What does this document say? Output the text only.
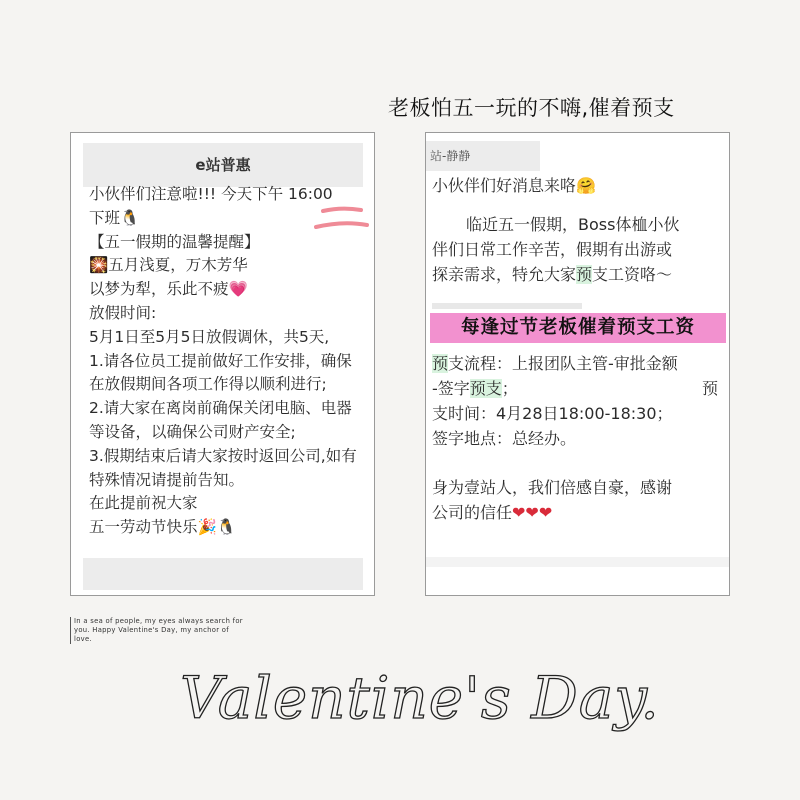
老板怕五一玩的不嗨,催着预支
e站普惠
小伙伴们注意啦!!! 今天下午 16:00
下班🐧
【五一假期的温馨提醒】
🎇五月浅夏，万木芳华
以梦为犁，乐此不疲💗
放假时间:
5月1日至5月5日放假调休，共5天,
1.请各位员工提前做好工作安排，确保在放假期间各项工作得以顺利进行;
2.请大家在离岗前确保关闭电脑、电器等设备，以确保公司财产安全;
3.假期结束后请大家按时返回公司,如有特殊情况请提前告知。
在此提前祝大家
五一劳动节快乐🎉🐧
站-静静
小伙伴们好消息来咯🤗
临近五一假期，Boss体桖小伙
伴们日常工作辛苦，假期有出游或
探亲需求，特允大家预支工资咯～
每逢过节老板催着预支工资
预支流程：上报团队主管-审批金额
-签字预支；	预
支时间：4月28日18:00-18:30；
签字地点：总经办。
身为壹站人，我们倍感自豪，感谢
公司的信任❤❤❤
In a sea of people, my eyes always search for you. Happy Valentine's Day, my anchor of love.
Valentine's Day.
